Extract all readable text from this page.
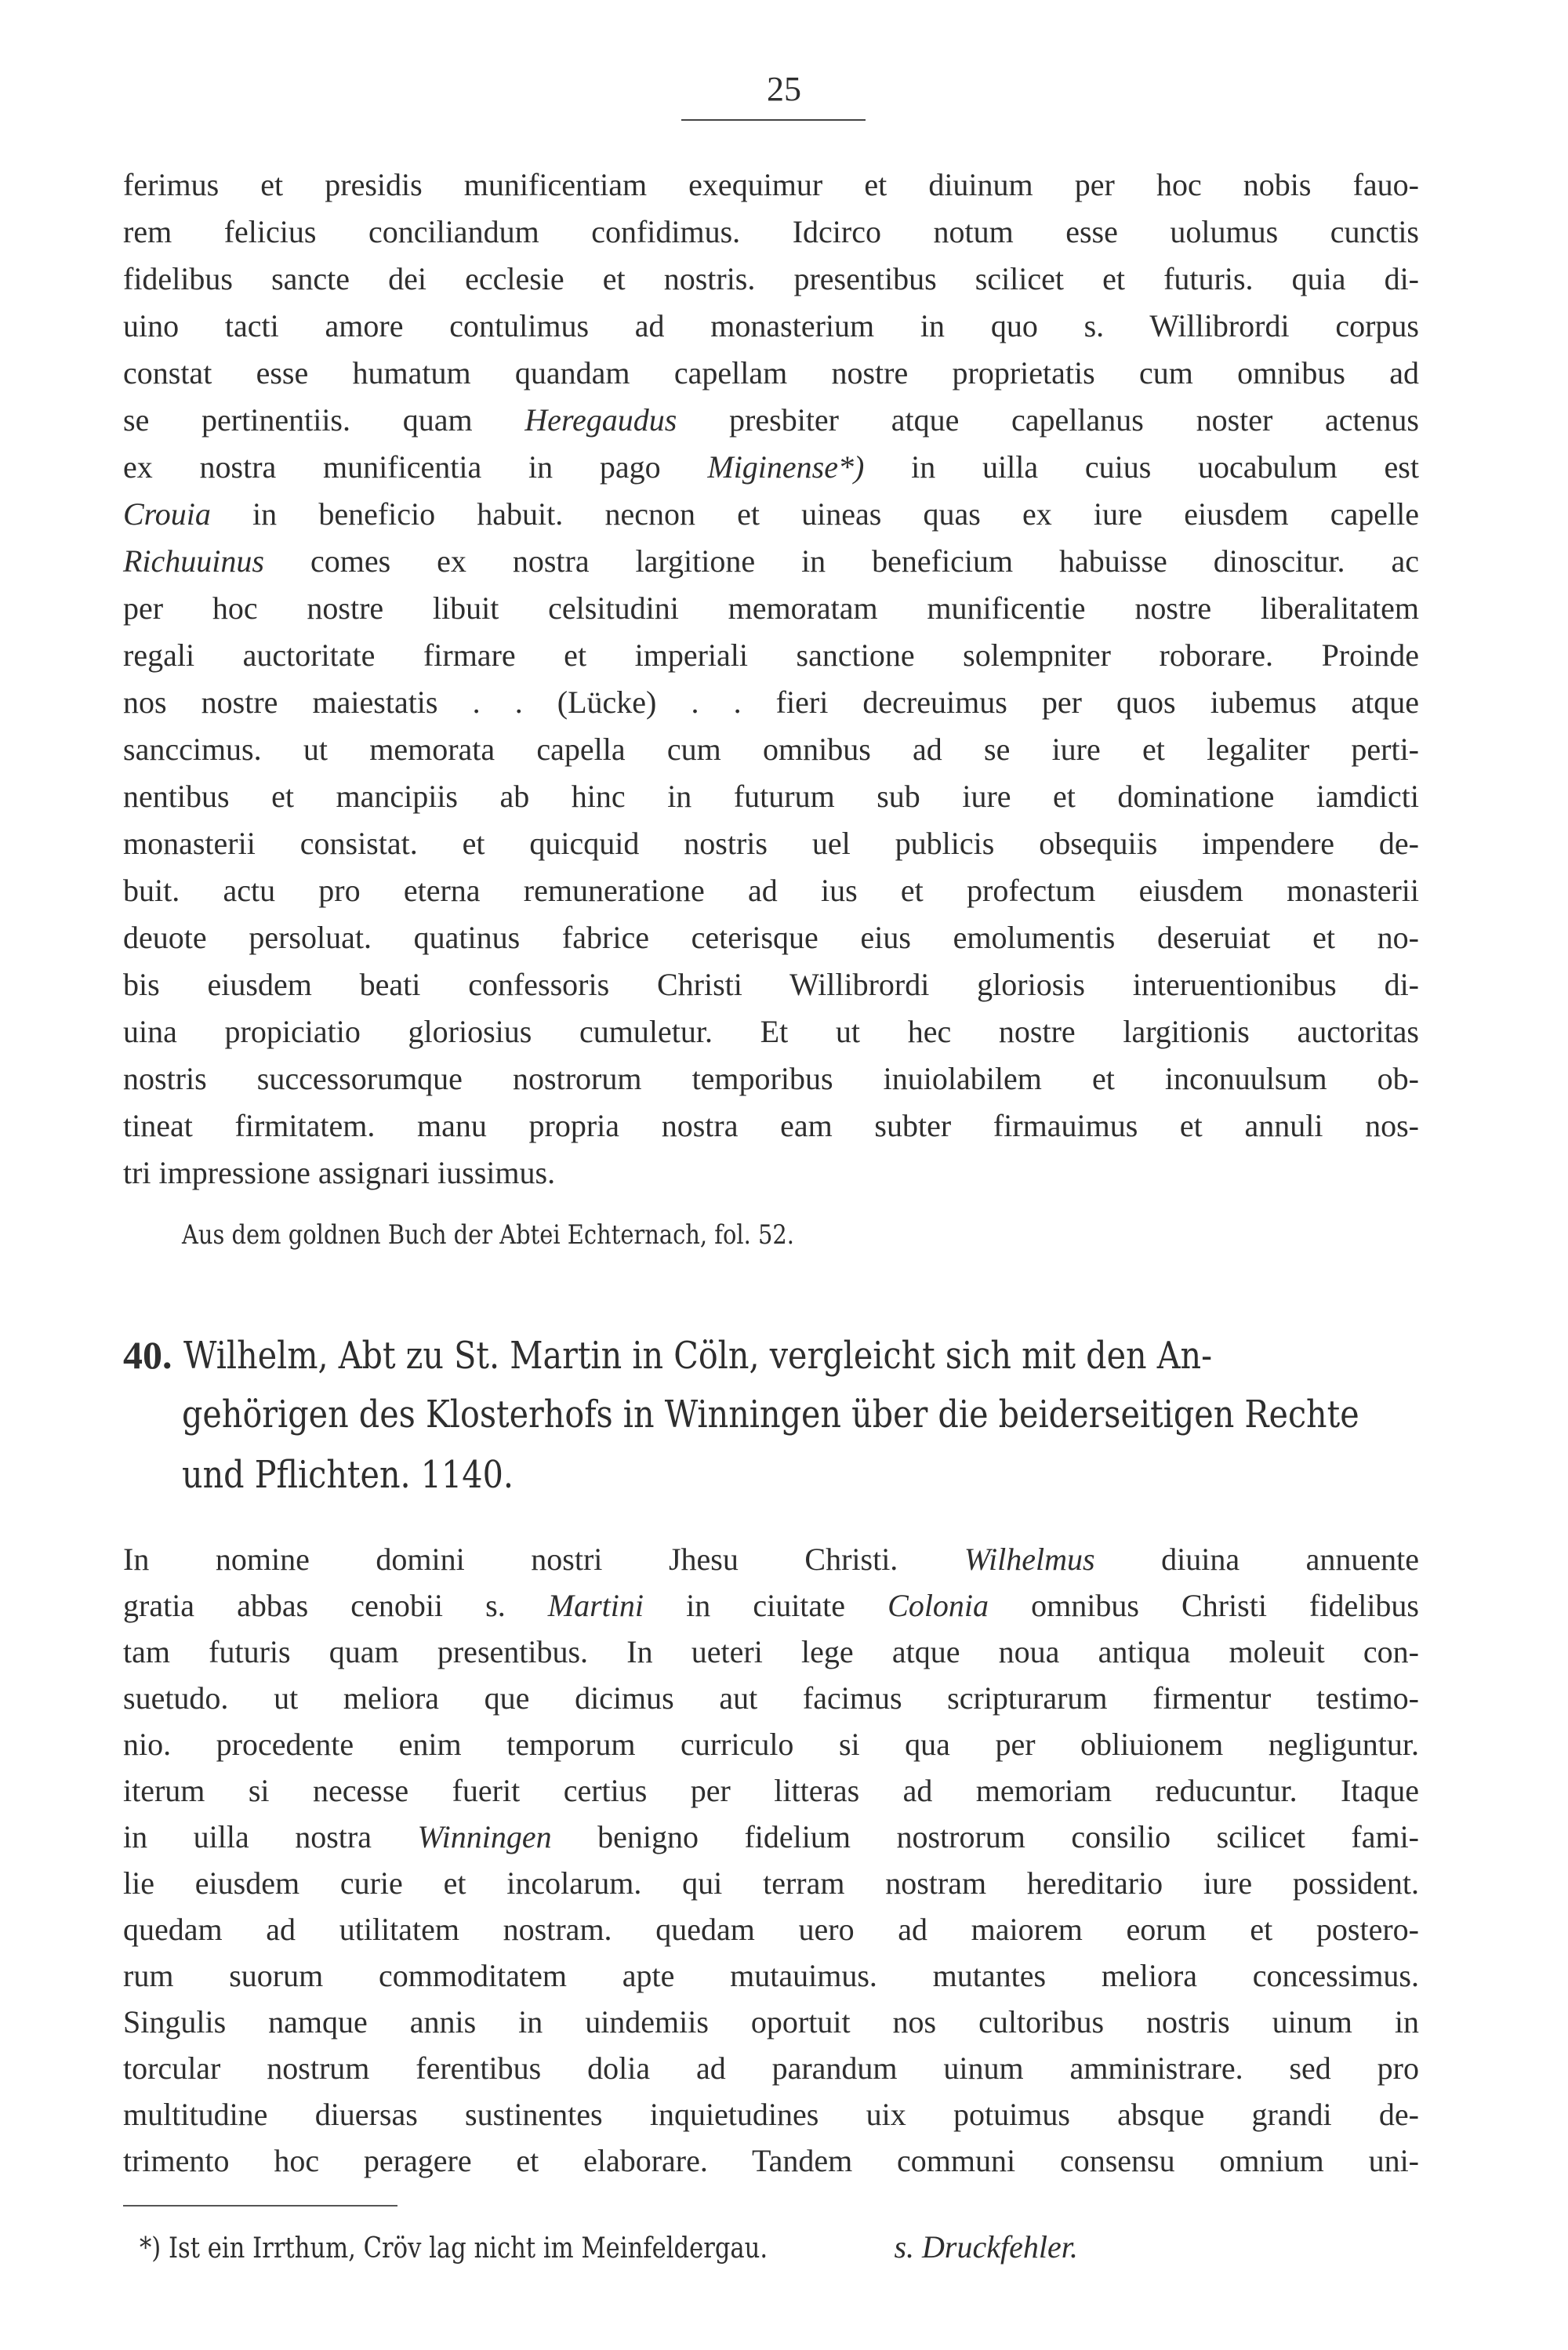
25
ferimus et presidis munificentiam exequimur et diuinum per hoc nobis fauo-
rem felicius conciliandum confidimus. Idcirco notum esse uolumus cunctis
fidelibus sancte dei ecclesie et nostris. presentibus scilicet et futuris. quia di-
uino tacti amore contulimus ad monasterium in quo s. Willibrordi corpus
constat esse humatum quandam capellam nostre proprietatis cum omnibus ad
se pertinentiis. quam Heregaudus presbiter atque capellanus noster actenus
ex nostra munificentia in pago Miginense*) in uilla cuius uocabulum est
Crouia in beneficio habuit. necnon et uineas quas ex iure eiusdem capelle
Richuuinus comes ex nostra largitione in beneficium habuisse dinoscitur. ac
per hoc nostre libuit celsitudini memoratam munificentie nostre liberalitatem
regali auctoritate firmare et imperiali sanctione solempniter roborare. Proinde
nos nostre maiestatis . . (Lücke) . . fieri decreuimus per quos iubemus atque
sanccimus. ut memorata capella cum omnibus ad se iure et legaliter perti-
nentibus et mancipiis ab hinc in futurum sub iure et dominatione iamdicti
monasterii consistat. et quicquid nostris uel publicis obsequiis impendere de-
buit. actu pro eterna remuneratione ad ius et profectum eiusdem monasterii
deuote persoluat. quatinus fabrice ceterisque eius emolumentis deseruiat et no-
bis eiusdem beati confessoris Christi Willibrordi gloriosis interuentionibus di-
uina propiciatio gloriosius cumuletur. Et ut hec nostre largitionis auctoritas
nostris successorumque nostrorum temporibus inuiolabilem et inconuulsum ob-
tineat firmitatem. manu propria nostra eam subter firmauimus et annuli nos-
tri impressione assignari iussimus.
Aus dem goldnen Buch der Abtei Echternach, fol. 52.
40. Wilhelm, Abt zu St. Martin in Cöln, vergleicht sich mit den An-
gehörigen des Klosterhofs in Winningen über die beiderseitigen Rechte
und Pflichten. 1140.
In nomine domini nostri Jhesu Christi. Wilhelmus diuina annuente
gratia abbas cenobii s. Martini in ciuitate Colonia omnibus Christi fidelibus
tam futuris quam presentibus. In ueteri lege atque noua antiqua moleuit con-
suetudo. ut meliora que dicimus aut facimus scripturarum firmentur testimo-
nio. procedente enim temporum curriculo si qua per obliuionem negliguntur.
iterum si necesse fuerit certius per litteras ad memoriam reducuntur. Itaque
in uilla nostra Winningen benigno fidelium nostrorum consilio scilicet fami-
lie eiusdem curie et incolarum. qui terram nostram hereditario iure possident.
quedam ad utilitatem nostram. quedam uero ad maiorem eorum et postero-
rum suorum commoditatem apte mutauimus. mutantes meliora concessimus.
Singulis namque annis in uindemiis oportuit nos cultoribus nostris uinum in
torcular nostrum ferentibus dolia ad parandum uinum amministrare. sed pro
multitudine diuersas sustinentes inquietudines uix potuimus absque grandi de-
trimento hoc peragere et elaborare. Tandem communi consensu omnium uni-
*) Ist ein Irrthum, Cröv lag nicht im Meinfeldergau.	s. Druckfehler.
